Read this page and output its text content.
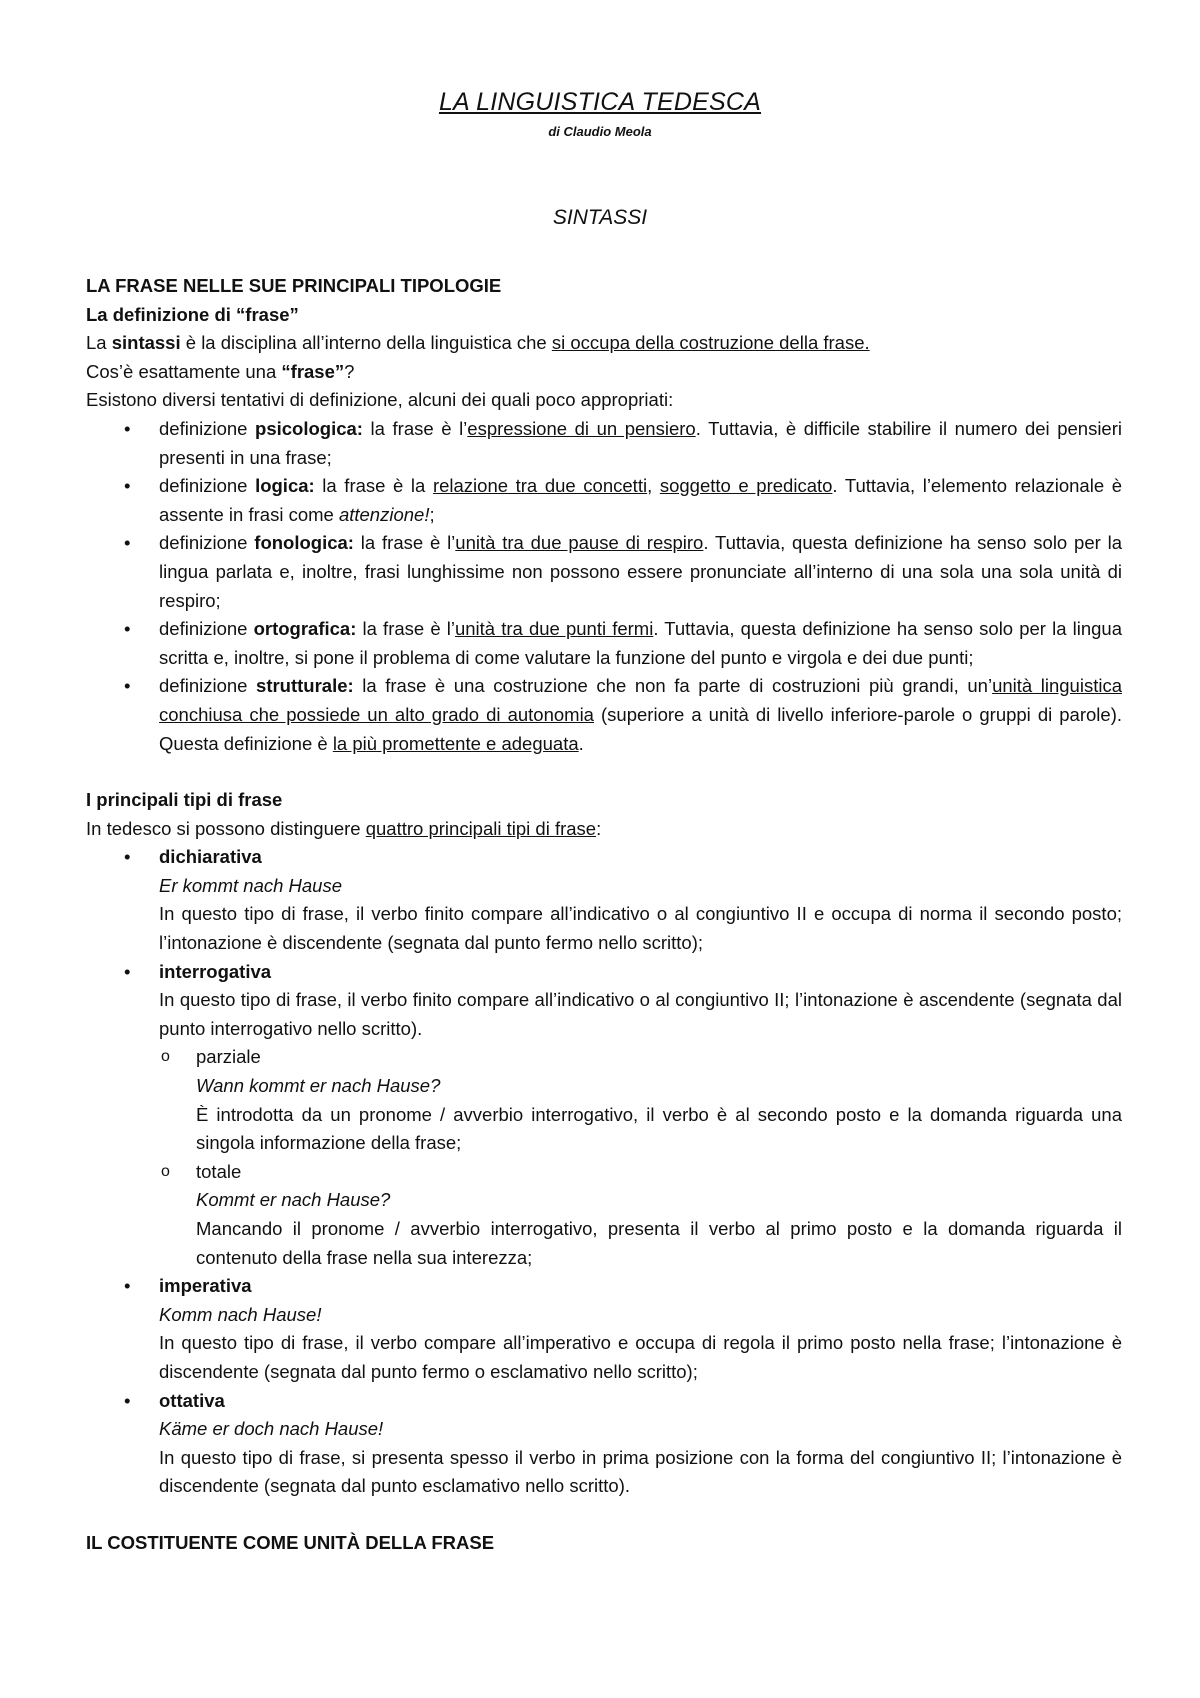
LA LINGUISTICA TEDESCA
di Claudio Meola
SINTASSI

LA FRASE NELLE SUE PRINCIPALI TIPOLOGIE

La definizione di “frase”

La sintassi è la disciplina all’interno della linguistica che si occupa della costruzione della frase.

Cos’è esattamente una “frase”?

Esistono diversi tentativi di definizione, alcuni dei quali poco appropriati:

• definizione psicologica: la frase è l’espressione di un pensiero. Tuttavia, è difficile stabilire il numero dei pensieri presenti in una frase;
• definizione logica: la frase è la relazione tra due concetti, soggetto e predicato. Tuttavia, l’elemento relazionale è assente in frasi come attenzione!;
• definizione fonologica: la frase è l’unità tra due pause di respiro. Tuttavia, questa definizione ha senso solo per la lingua parlata e, inoltre, frasi lunghissime non possono essere pronunciate all’interno di una sola una sola unità di respiro;
• definizione ortografica: la frase è l’unità tra due punti fermi. Tuttavia, questa definizione ha senso solo per la lingua scritta e, inoltre, si pone il problema di come valutare la funzione del punto e virgola e dei due punti;
• definizione strutturale: la frase è una costruzione che non fa parte di costruzioni più grandi, un’unità linguistica conchiusa che possiede un alto grado di autonomia (superiore a unità di livello inferiore-parole o gruppi di parole). Questa definizione è la più promettente e adeguata.

I principali tipi di frase

In tedesco si possono distinguere quattro principali tipi di frase:

• dichiarativa
Er kommt nach Hause
In questo tipo di frase, il verbo finito compare all’indicativo o al congiuntivo II e occupa di norma il secondo posto; l’intonazione è discendente (segnata dal punto fermo nello scritto);
• interrogativa
In questo tipo di frase, il verbo finito compare all’indicativo o al congiuntivo II; l’intonazione è ascendente (segnata dal punto interrogativo nello scritto).
o parziale
Wann kommt er nach Hause?
È introdotta da un pronome / avverbio interrogativo, il verbo è al secondo posto e la domanda riguarda una singola informazione della frase;
o totale
Kommt er nach Hause?
Mancando il pronome / avverbio interrogativo, presenta il verbo al primo posto e la domanda riguarda il contenuto della frase nella sua interezza;
• imperativa
Komm nach Hause!
In questo tipo di frase, il verbo compare all’imperativo e occupa di regola il primo posto nella frase; l’intonazione è discendente (segnata dal punto fermo o esclamativo nello scritto);
• ottativa
Käme er doch nach Hause!
In questo tipo di frase, si presenta spesso il verbo in prima posizione con la forma del congiuntivo II; l’intonazione è discendente (segnata dal punto esclamativo nello scritto).

IL COSTITUENTE COME UNITÀ DELLA FRASE
